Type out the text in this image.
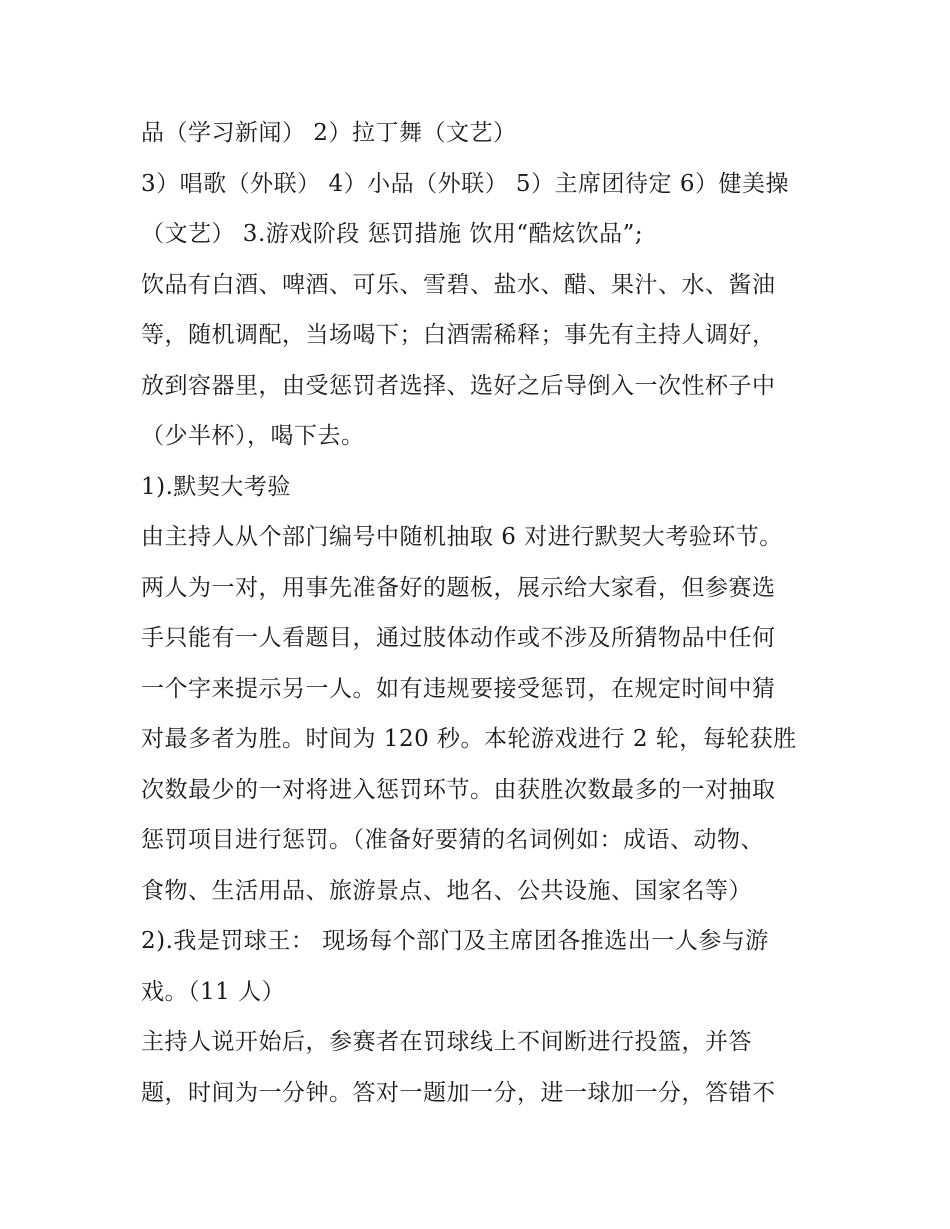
品（学习新闻） 2）拉丁舞（文艺）
3）唱歌（外联） 4）小品（外联） 5）主席团待定 6）健美操
（文艺） 3.游戏阶段 惩罚措施 饮用“酷炫饮品”;
饮品有白酒、啤酒、可乐、雪碧、盐水、醋、果汁、水、酱油
等，随机调配，当场喝下；白酒需稀释；事先有主持人调好，
放到容器里，由受惩罚者选择、选好之后导倒入一次性杯子中
（少半杯），喝下去。
1).默契大考验
由主持人从个部门编号中随机抽取 6 对进行默契大考验环节。
两人为一对，用事先准备好的题板，展示给大家看，但参赛选
手只能有一人看题目，通过肢体动作或不涉及所猜物品中任何
一个字来提示另一人。如有违规要接受惩罚，在规定时间中猜
对最多者为胜。时间为 120 秒。本轮游戏进行 2 轮，每轮获胜
次数最少的一对将进入惩罚环节。由获胜次数最多的一对抽取
惩罚项目进行惩罚。（准备好要猜的名词例如：成语、动物、
食物、生活用品、旅游景点、地名、公共设施、国家名等）
2).我是罚球王： 现场每个部门及主席团各推选出一人参与游
戏。（11 人）
主持人说开始后，参赛者在罚球线上不间断进行投篮，并答
题，时间为一分钟。答对一题加一分，进一球加一分，答错不
